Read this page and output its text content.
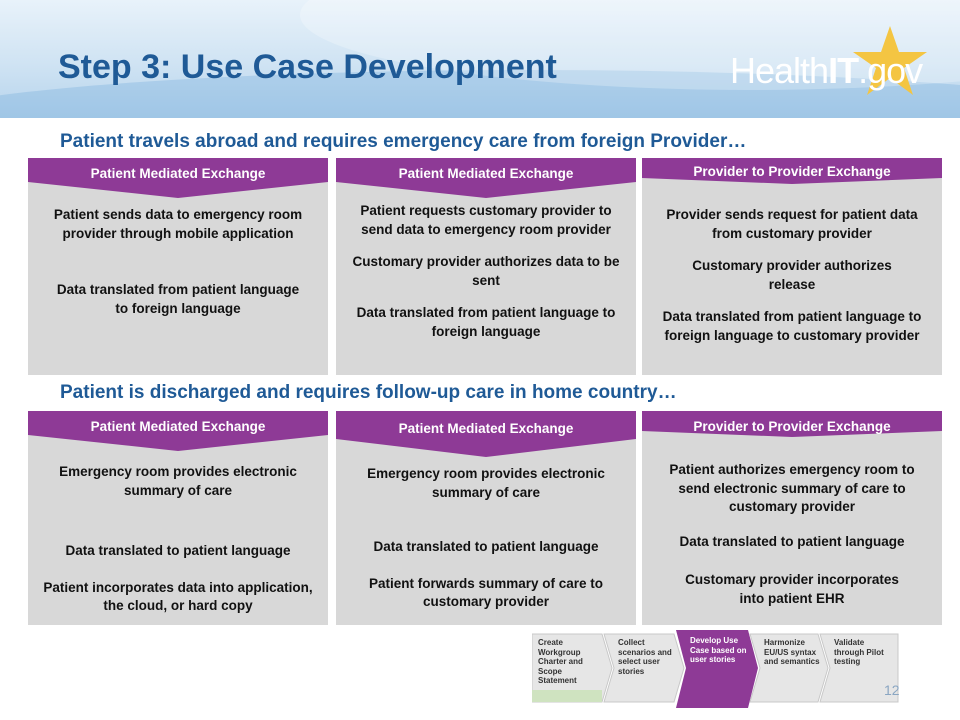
Step 3: Use Case Development	HealthIT.gov
Patient travels abroad and requires emergency care from foreign Provider…
Patient Mediated Exchange

Patient sends data to emergency room provider through mobile application

Data translated from patient language to foreign language

Patient Mediated Exchange

Patient requests customary provider to send data to emergency room provider

Customary provider authorizes data to be sent

Data translated from patient language to foreign language

Provider to Provider Exchange

Provider sends request for patient data from customary provider

Customary provider authorizes release

Data translated from patient language to foreign language to customary provider

Patient is discharged and requires follow-up care in home country…
Patient Mediated Exchange

Emergency room provides electronic summary of care

Data translated to patient language

Patient incorporates data into application, the cloud, or hard copy

Patient Mediated Exchange

Emergency room provides electronic summary of care

Data translated to patient language

Patient forwards summary of care to customary provider

Provider to Provider Exchange

Patient authorizes emergency room to send electronic summary of care to customary provider

Data translated to patient language

Customary provider incorporates into patient EHR

Create Workgroup Charter and Scope Statement
Collect scenarios and select user stories
Develop Use Case based on user stories
Harmonize EU/US syntax and semantics
Validate through Pilot testing
12
